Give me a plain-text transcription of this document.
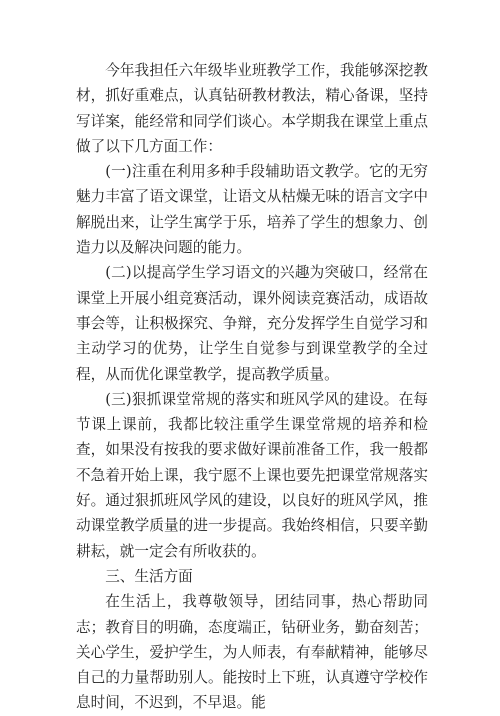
今年我担任六年级毕业班教学工作，我能够深挖教材，抓好重难点，认真钻研教材教法，精心备课，坚持写详案，能经常和同学们谈心。本学期我在课堂上重点做了以下几方面工作：

(一)注重在利用多种手段辅助语文教学。它的无穷魅力丰富了语文课堂，让语文从枯燥无味的语言文字中解脱出来，让学生寓学于乐，培养了学生的想象力、创造力以及解决问题的能力。

(二)以提高学生学习语文的兴趣为突破口，经常在课堂上开展小组竞赛活动，课外阅读竞赛活动，成语故事会等，让积极探究、争辩，充分发挥学生自觉学习和主动学习的优势，让学生自觉参与到课堂教学的全过程，从而优化课堂教学，提高教学质量。

(三)狠抓课堂常规的落实和班风学风的建设。在每节课上课前，我都比较注重学生课堂常规的培养和检查，如果没有按我的要求做好课前准备工作，我一般都不急着开始上课，我宁愿不上课也要先把课堂常规落实好。通过狠抓班风学风的建设，以良好的班风学风，推动课堂教学质量的进一步提高。我始终相信，只要辛勤耕耘，就一定会有所收获的。

三、生活方面

在生活上，我尊敬领导，团结同事，热心帮助同志；教育目的明确，态度端正，钻研业务，勤奋刻苦；关心学生，爱护学生，为人师表，有奉献精神，能够尽自己的力量帮助别人。能按时上下班，认真遵守学校作息时间，不迟到，不早退。能
